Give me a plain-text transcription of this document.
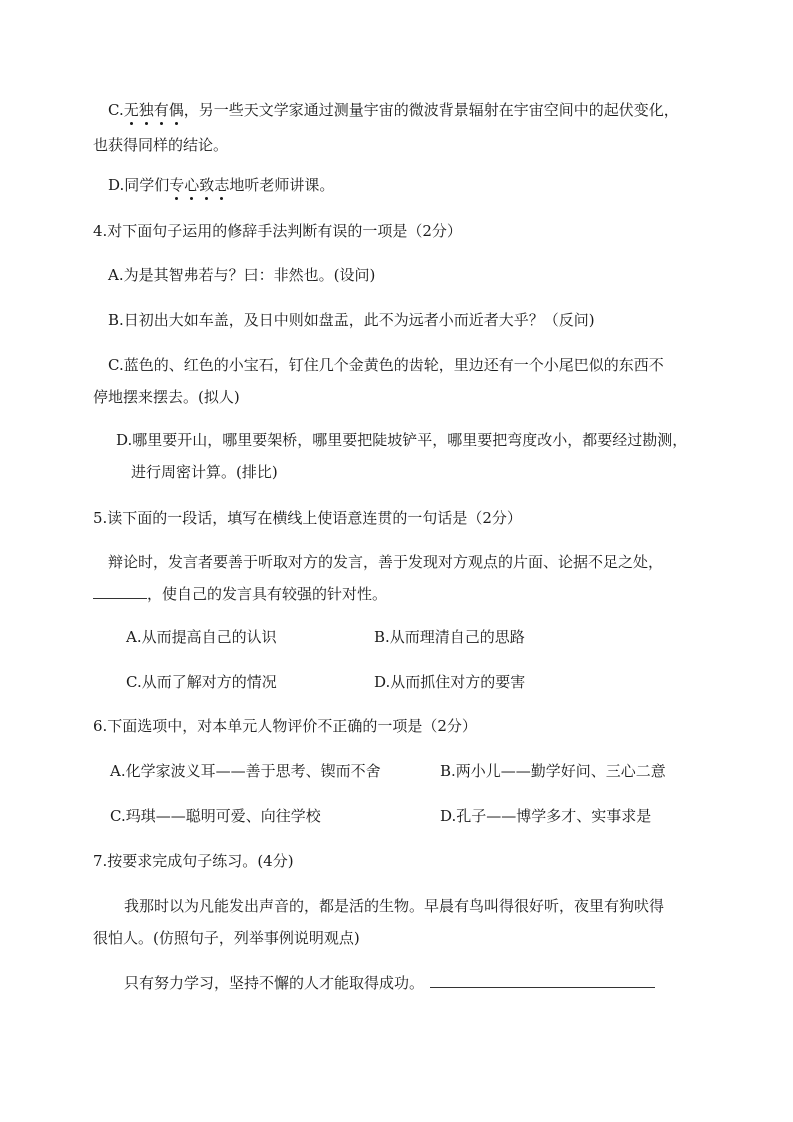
C.无独有偶，另一些天文学家通过测量宇宙的微波背景辐射在宇宙空间中的起伏变化，
也获得同样的结论。
D.同学们专心致志地听老师讲课。
4.对下面句子运用的修辞手法判断有误的一项是（2分）
A.为是其智弗若与？曰：非然也。(设问)
B.日初出大如车盖，及日中则如盘盂，此不为远者小而近者大乎？（反问)
C.蓝色的、红色的小宝石，钉住几个金黄色的齿轮，里边还有一个小尾巴似的东西不
停地摆来摆去。(拟人)
D.哪里要开山，哪里要架桥，哪里要把陡坡铲平，哪里要把弯度改小，都要经过勘测，
进行周密计算。(排比)
5.读下面的一段话，填写在横线上使语意连贯的一句话是（2分）
辩论时，发言者要善于听取对方的发言，善于发现对方观点的片面、论据不足之处，
，使自己的发言具有较强的针对性。
A.从而提高自己的认识	B.从而理清自己的思路
C.从而了解对方的情况	D.从而抓住对方的要害
6.下面选项中，对本单元人物评价不正确的一项是（2分）
A.化学家波义耳——善于思考、锲而不舍	B.两小儿——勤学好问、三心二意
C.玛琪——聪明可爱、向往学校	D.孔子——博学多才、实事求是
7.按要求完成句子练习。(4分)
我那时以为凡能发出声音的，都是活的生物。早晨有鸟叫得很好听，夜里有狗吠得
很怕人。(仿照句子，列举事例说明观点)
只有努力学习，坚持不懈的人才能取得成功。
